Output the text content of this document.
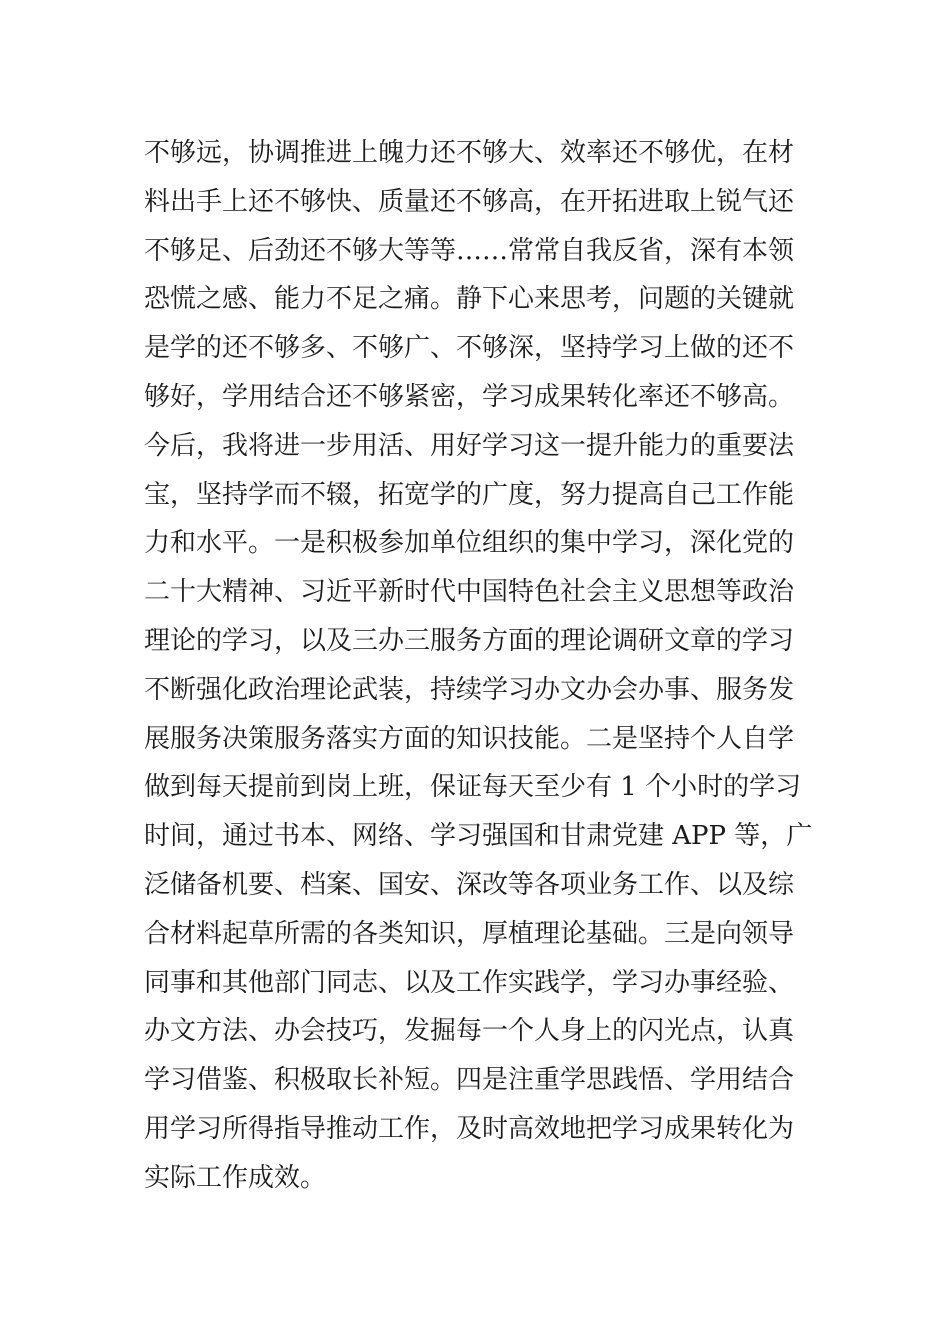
不够远，协调推进上魄力还不够大、效率还不够优，在材
料出手上还不够快、质量还不够高，在开拓进取上锐气还
不够足、后劲还不够大等等……常常自我反省，深有本领
恐慌之感、能力不足之痛。静下心来思考，问题的关键就
是学的还不够多、不够广、不够深，坚持学习上做的还不
够好，学用结合还不够紧密，学习成果转化率还不够高。
今后，我将进一步用活、用好学习这一提升能力的重要法
宝，坚持学而不辍，拓宽学的广度，努力提高自己工作能
力和水平。一是积极参加单位组织的集中学习，深化党的
二十大精神、习近平新时代中国特色社会主义思想等政治
理论的学习，以及三办三服务方面的理论调研文章的学习
不断强化政治理论武装，持续学习办文办会办事、服务发
展服务决策服务落实方面的知识技能。二是坚持个人自学
做到每天提前到岗上班，保证每天至少有 1 个小时的学习
时间，通过书本、网络、学习强国和甘肃党建 APP 等，广
泛储备机要、档案、国安、深改等各项业务工作、以及综
合材料起草所需的各类知识，厚植理论基础。三是向领导
同事和其他部门同志、以及工作实践学，学习办事经验、
办文方法、办会技巧，发掘每一个人身上的闪光点，认真
学习借鉴、积极取长补短。四是注重学思践悟、学用结合
用学习所得指导推动工作，及时高效地把学习成果转化为
实际工作成效。
